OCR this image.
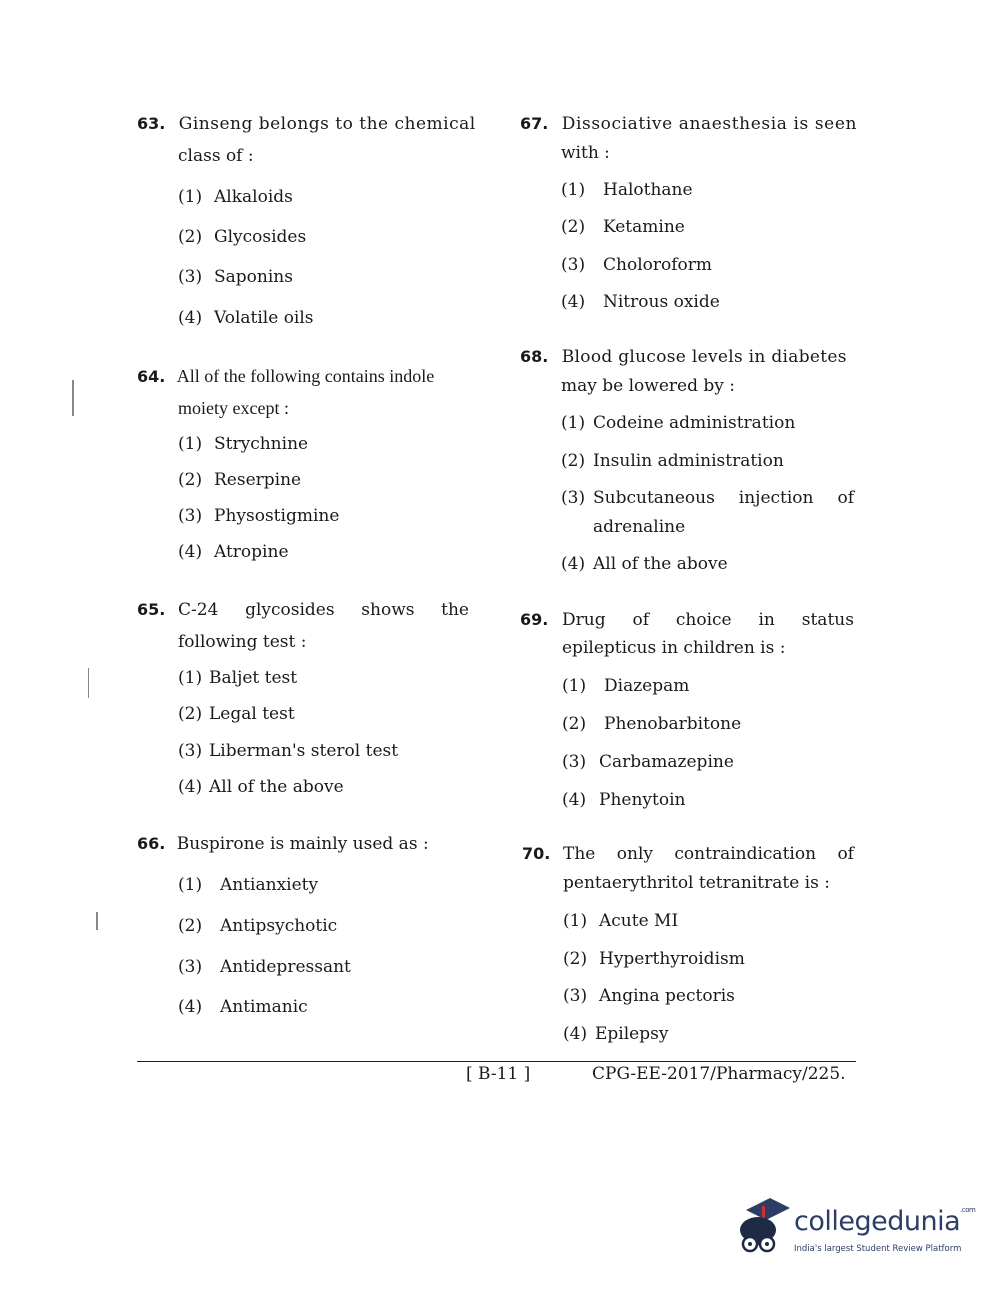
63. Ginseng belongs to the chemical
class of :
(1) Alkaloids
(2) Glycosides
(3) Saponins
(4) Volatile oils
64. All of the following contains indole
moiety except :
(1) Strychnine
(2) Reserpine
(3) Physostigmine
(4) Atropine
65. C-24 glycosides shows the
following test :
(1) Baljet test
(2) Legal test
(3) Liberman's sterol test
(4) All of the above
66. Buspirone is mainly used as :
(1) Antianxiety
(2) Antipsychotic
(3) Antidepressant
(4) Antimanic
67. Dissociative anaesthesia is seen
with :
(1) Halothane
(2) Ketamine
(3) Choloroform
(4) Nitrous oxide
68. Blood glucose levels in diabetes
may be lowered by :
(1) Codeine administration
(2) Insulin administration
(3) Subcutaneous injection of
adrenaline
(4) All of the above
69. Drug of choice in status
epilepticus in children is :
(1) Diazepam
(2) Phenobarbitone
(3) Carbamazepine
(4) Phenytoin
70. The only contraindication of
pentaerythritol tetranitrate is :
(1) Acute MI
(2) Hyperthyroidism
(3) Angina pectoris
(4) Epilepsy
[ B-11 ]	CPG-EE-2017/Pharmacy/225.
collegedunia$^{.com}$
India's largest Student Review Platform
